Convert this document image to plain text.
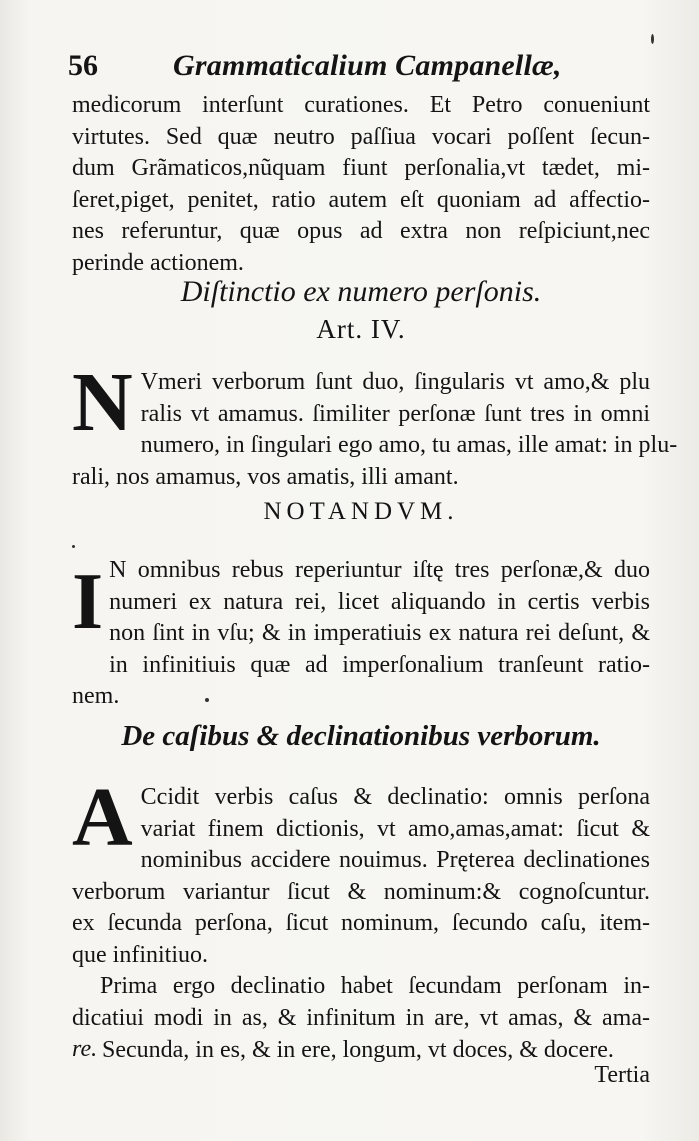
56	Grammaticalium Campanellæ,
medicorum interſunt curationes. Et Petro conueniunt
virtutes. Sed quæ neutro paſſiua vocari poſſent ſecun-
dum Grãmaticos,nũquam fiunt perſonalia,vt tædet, mi-
ſeret,piget, penitet, ratio autem eſt quoniam ad affectio-
nes referuntur, quæ opus ad extra non reſpiciunt,nec
perinde actionem.
Diſtinctio ex numero perſonis.
Art. IV.
N Vmeri verborum ſunt duo, ſingularis vt amo,& plu
ralis vt amamus. ſimiliter perſonæ ſunt tres in omni
numero, in ſingulari ego amo, tu amas, ille amat: in plu-
rali, nos amamus, vos amatis, illi amant.
NOTANDVM.
I N omnibus rebus reperiuntur iſtę tres perſonæ,& duo
numeri ex natura rei, licet aliquando in certis verbis
non ſint in vſu; & in imperatiuis ex natura rei deſunt, &
in infinitiuis quæ ad imperſonalium tranſeunt ratio-
nem.
De caſibus & declinationibus verborum.
A Ccidit verbis caſus & declinatio: omnis perſona
variat finem dictionis, vt amo,amas,amat: ſicut &
nominibus accidere nouimus. Pręterea declinationes
verborum variantur ſicut & nominum:& cognoſcuntur.
ex ſecunda perſona, ſicut nominum, ſecundo caſu, item-
que infinitiuo.
Prima ergo declinatio habet ſecundam perſonam in-
dicatiui modi in as, & infinitum in are, vt amas, & ama-
re. Secunda, in es, & in ere, longum, vt doces, & docere.
Tertia
